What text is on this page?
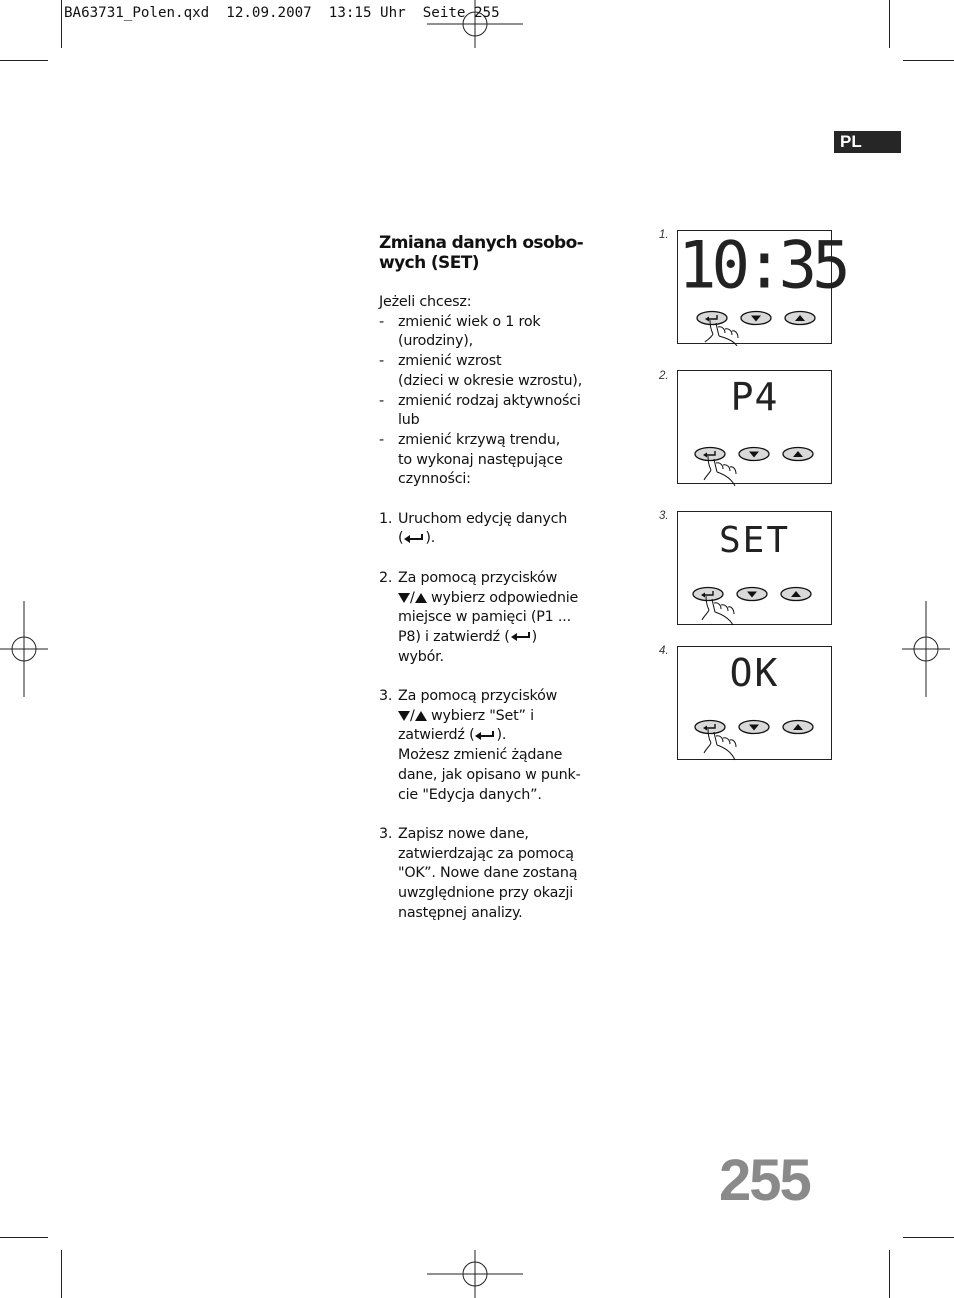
BA63731_Polen.qxd  12.09.2007  13:15 Uhr  Seite 255
PL
Zmiana danych osobo-
wych (SET)

Jeżeli chcesz:

- zmienić wiek o 1 rok
(urodziny),
- zmienić wzrost
(dzieci w okresie wzrostu),
- zmienić rodzaj aktywności
lub
- zmienić krzywą trendu,
to wykonaj następujące
czynności:
1. Uruchom edycję danych
( ).
2. Za pomocą przycisków
/ wybierz odpowiednie
miejsce w pamięci (P1 ...
P8) i zatwierdź ( )
wybór.
3. Za pomocą przycisków
/ wybierz "Set” i
zatwierdź ( ).
Możesz zmienić żądane
dane, jak opisano w punk-
cie "Edycja danych”.
3. Zapisz nowe dane,
zatwierdzając za pomocą
"OK”. Nowe dane zostaną
uwzględnione przy okazji
następnej analizy.
1. 10:35
2.	P4
3.
SET
4.	OK
255
